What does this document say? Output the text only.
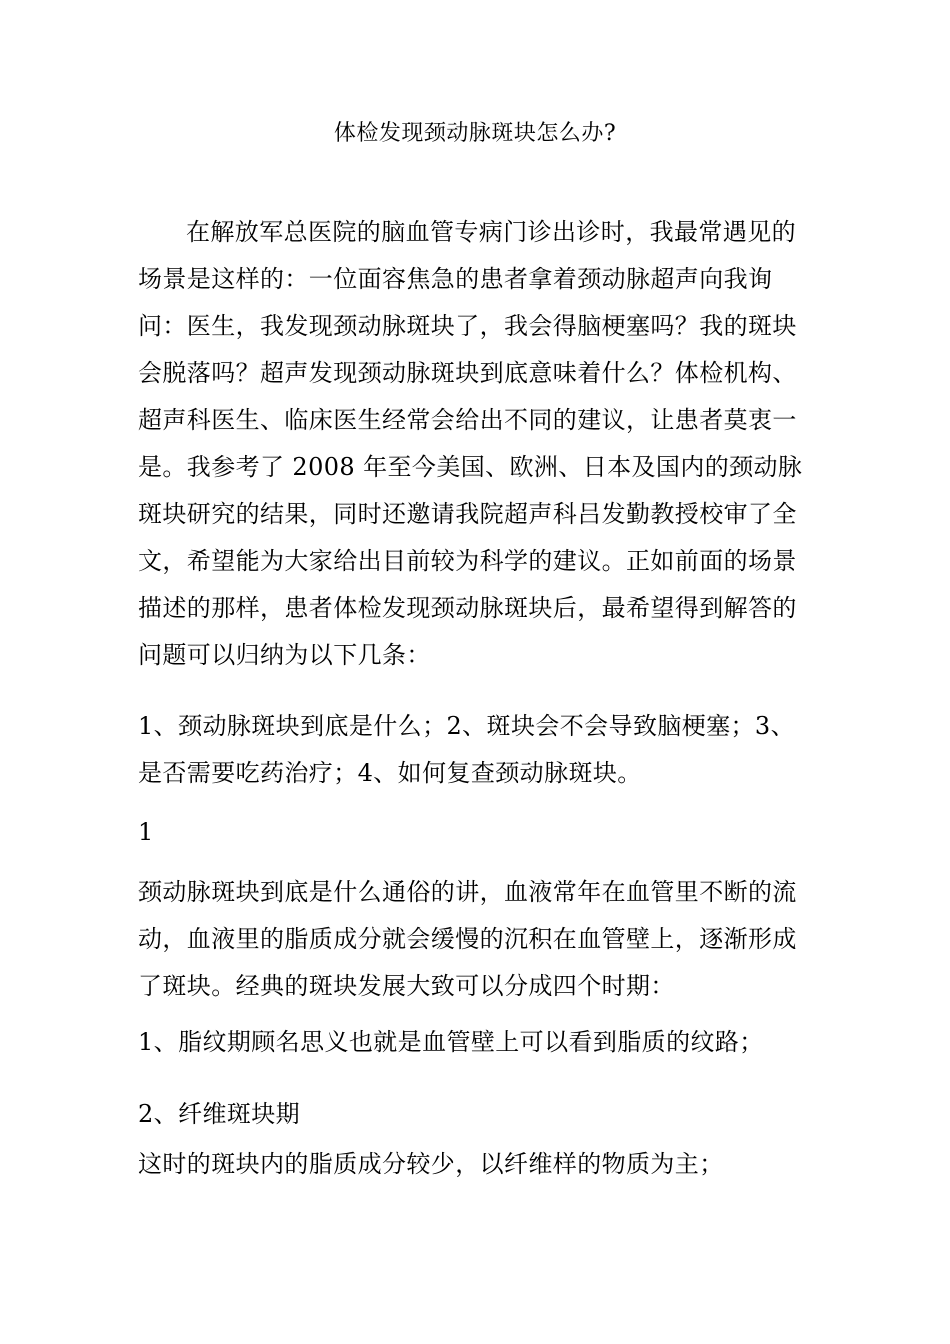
体检发现颈动脉斑块怎么办?

在解放军总医院的脑血管专病门诊出诊时，我最常遇见的场景是这样的：一位面容焦急的患者拿着颈动脉超声向我询问：医生，我发现颈动脉斑块了，我会得脑梗塞吗？我的斑块会脱落吗？超声发现颈动脉斑块到底意味着什么？体检机构、超声科医生、临床医生经常会给出不同的建议，让患者莫衷一是。我参考了 2008 年至今美国、欧洲、日本及国内的颈动脉斑块研究的结果，同时还邀请我院超声科吕发勤教授校审了全文，希望能为大家给出目前较为科学的建议。正如前面的场景描述的那样，患者体检发现颈动脉斑块后，最希望得到解答的问题可以归纳为以下几条：

1、颈动脉斑块到底是什么；2、斑块会不会导致脑梗塞；3、是否需要吃药治疗；4、如何复查颈动脉斑块。

1

颈动脉斑块到底是什么通俗的讲，血液常年在血管里不断的流动，血液里的脂质成分就会缓慢的沉积在血管壁上，逐渐形成了斑块。经典的斑块发展大致可以分成四个时期：

1、脂纹期顾名思义也就是血管壁上可以看到脂质的纹路；

2、纤维斑块期

这时的斑块内的脂质成分较少，以纤维样的物质为主；
